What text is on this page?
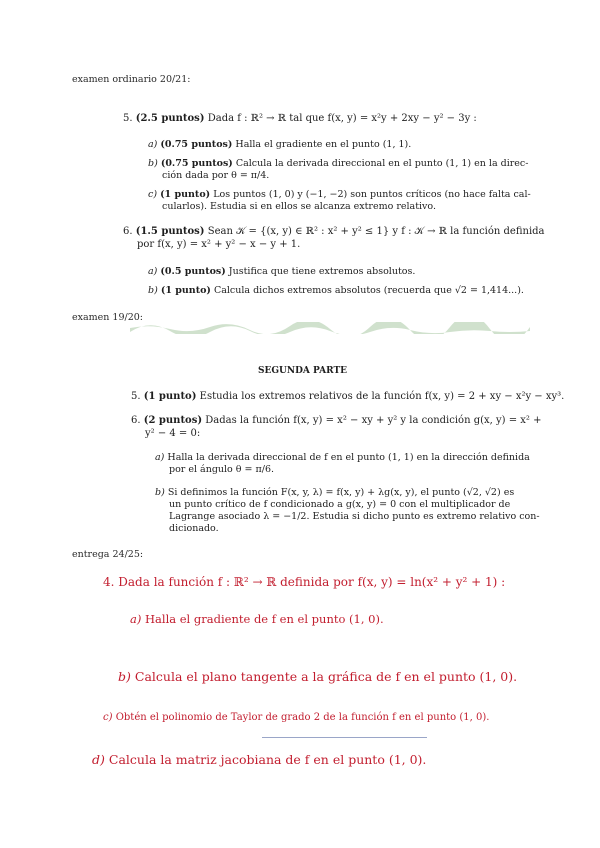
examen ordinario 20/21:
5. (2.5 puntos) Dada f : ℝ² → ℝ tal que f(x, y) = x²y + 2xy − y² − 3y :
a) (0.75 puntos) Halla el gradiente en el punto (1, 1).
b) (0.75 puntos) Calcula la derivada direccional en el punto (1, 1) en la direc-
ción dada por θ = π/4.
c) (1 punto) Los puntos (1, 0) y (−1, −2) son puntos críticos (no hace falta cal-
cularlos). Estudia si en ellos se alcanza extremo relativo.
6. (1.5 puntos) Sean 𝒦 = {(x, y) ∈ ℝ² : x² + y² ≤ 1} y f : 𝒦 → ℝ la función definida
por f(x, y) = x² + y² − x − y + 1.
a) (0.5 puntos) Justifica que tiene extremos absolutos.
b) (1 punto) Calcula dichos extremos absolutos (recuerda que √2 = 1,414...).
examen 19/20:
SEGUNDA PARTE
5. (1 punto) Estudia los extremos relativos de la función f(x, y) = 2 + xy − x²y − xy³.
6. (2 puntos) Dadas la función f(x, y) = x² − xy + y² y la condición g(x, y) = x² +
y² − 4 = 0:
a) Halla la derivada direccional de f en el punto (1, 1) en la dirección definida
por el ángulo θ = π/6.
b) Si definimos la función F(x, y, λ) = f(x, y) + λg(x, y), el punto (√2, √2) es
un punto crítico de f condicionado a g(x, y) = 0 con el multiplicador de
Lagrange asociado λ = −1/2. Estudia si dicho punto es extremo relativo con-
dicionado.
entrega 24/25:
4. Dada la función f : ℝ² → ℝ definida por f(x, y) = ln(x² + y² + 1) :
a) Halla el gradiente de f en el punto (1, 0).
b) Calcula el plano tangente a la gráfica de f en el punto (1, 0).
c) Obtén el polinomio de Taylor de grado 2 de la función f en el punto (1, 0).
d) Calcula la matriz jacobiana de f en el punto (1, 0).
